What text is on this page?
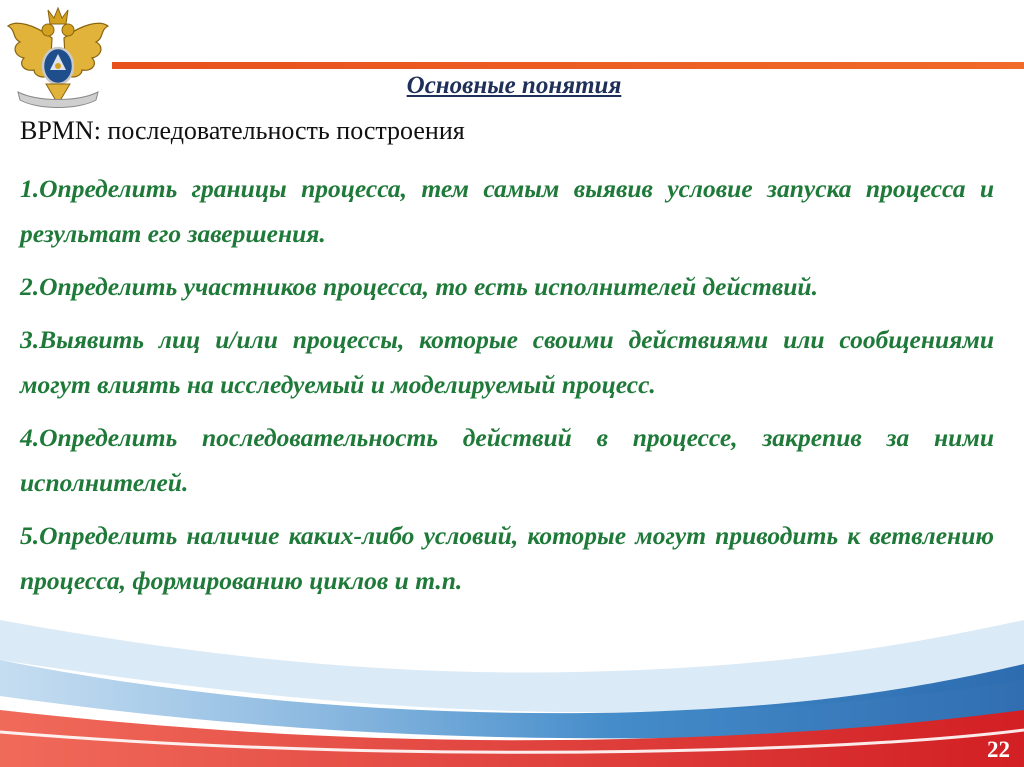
Основные понятия

BPMN: последовательность построения

1.Определить границы процесса, тем самым выявив условие запуска процесса и результат его завершения.

2.Определить участников процесса, то есть исполнителей действий.

3.Выявить лиц и/или процессы, которые своими действиями или сообщениями могут влиять на исследуемый и моделируемый процесс.

4.Определить последовательность действий в процессе, закрепив за ними исполнителей.

5.Определить наличие каких-либо условий, которые могут приводить к ветвлению процесса, формированию циклов и т.п.

22
